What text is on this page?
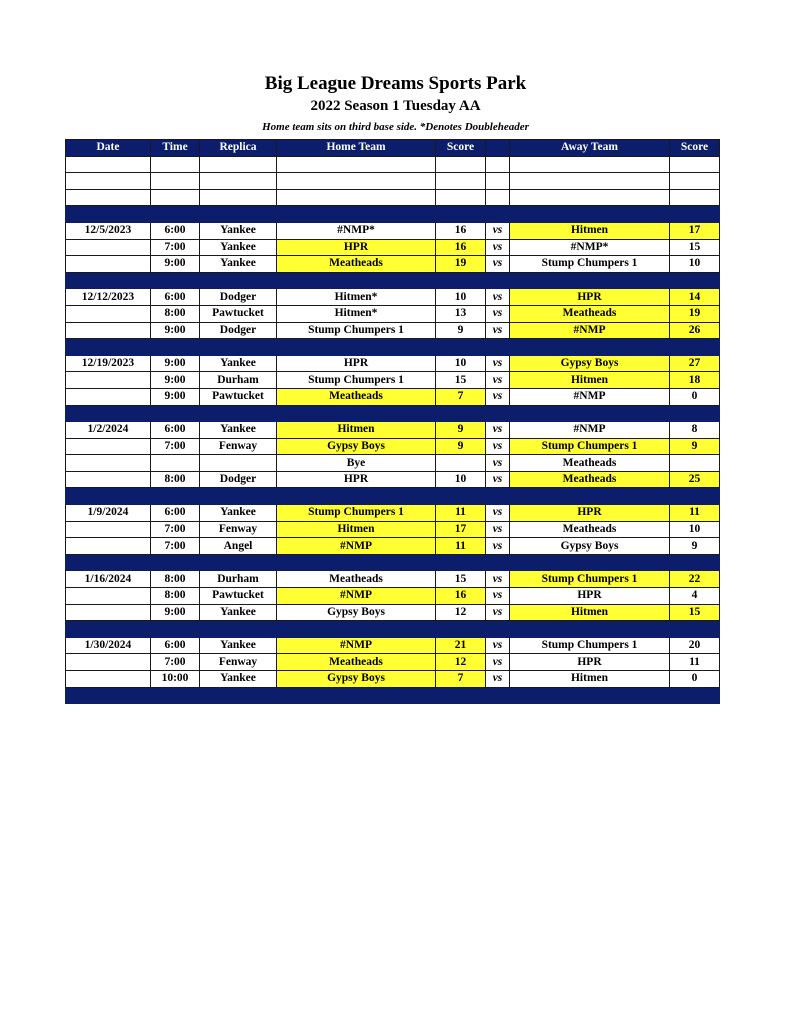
Big League Dreams Sports Park
2022 Season 1 Tuesday AA
Home team sits on third base side. *Denotes Doubleheader
Date	Time	Replica	Home Team	Score		Away Team	Score

12/5/2023	6:00	Yankee	#NMP*	16	vs	Hitmen	17
	7:00	Yankee	HPR	16	vs	#NMP*	15
	9:00	Yankee	Meatheads	19	vs	Stump Chumpers 1	10

12/12/2023	6:00	Dodger	Hitmen*	10	vs	HPR	14
	8:00	Pawtucket	Hitmen*	13	vs	Meatheads	19
	9:00	Dodger	Stump Chumpers 1	9	vs	#NMP	26

12/19/2023	9:00	Yankee	HPR	10	vs	Gypsy Boys	27
	9:00	Durham	Stump Chumpers 1	15	vs	Hitmen	18
	9:00	Pawtucket	Meatheads	7	vs	#NMP	0

1/2/2024	6:00	Yankee	Hitmen	9	vs	#NMP	8
	7:00	Fenway	Gypsy Boys	9	vs	Stump Chumpers 1	9
			Bye		vs	Meatheads	
	8:00	Dodger	HPR	10	vs	Meatheads	25

1/9/2024	6:00	Yankee	Stump Chumpers 1	11	vs	HPR	11
	7:00	Fenway	Hitmen	17	vs	Meatheads	10
	7:00	Angel	#NMP	11	vs	Gypsy Boys	9

1/16/2024	8:00	Durham	Meatheads	15	vs	Stump Chumpers 1	22
	8:00	Pawtucket	#NMP	16	vs	HPR	4
	9:00	Yankee	Gypsy Boys	12	vs	Hitmen	15

1/30/2024	6:00	Yankee	#NMP	21	vs	Stump Chumpers 1	20
	7:00	Fenway	Meatheads	12	vs	HPR	11
	10:00	Yankee	Gypsy Boys	7	vs	Hitmen	0
